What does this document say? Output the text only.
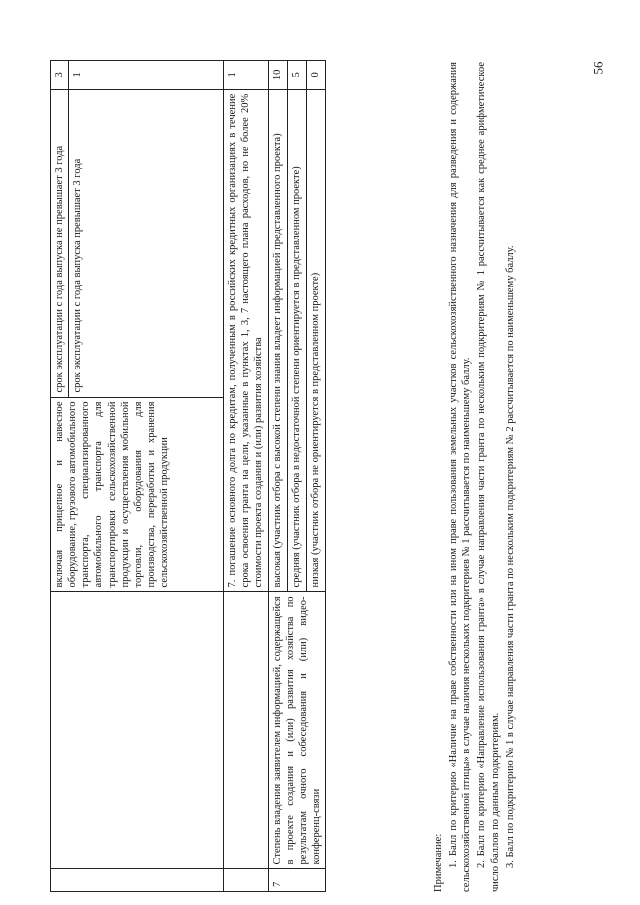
56
		включая прицепное и навесное оборудование, грузового автомобильного транспорта, специализированного автомобильного транспорта для транспортировки сельскохозяйственной продукции и осуществления мобильной торговли, оборудования для производства, переработки и хранения сельскохозяйственной продукции	срок эксплуатации с года выпуска не превышает 3 года	3
			срок эксплуатации с года выпуска превышает 3 года	1
		7. погашение основного долга по кредитам, полученным в российских кредитных организациях в течение срока освоения гранта на цели, указанные в пунктах 1, 3, 7 настоящего плана расходов, но не более 20% стоимости проекта создания и (или) развития хозяйства		1
7	Степень владения заявителем информацией, содержащейся в проекте создания и (или) развития хозяйства по результатам очного собеседования и (или) видео-конференц-связи	высокая (участник отбора с высокой степени знания владеет информацией представленного проекта)		10
		средняя (участник отбора в недостаточной степени ориентируется в представленном проекте)		5
		низкая (участник отбора не ориентируется в представленном проекте)		0

Примечание: 1. Балл по критерию «Наличие на праве собственности или на ином праве пользования земельных участков сельскохозяйственного назначения для разведения и содержания сельскохозяйственной птицы» в случае наличия нескольких подкритериев № 1 рассчитывается по наименьшему баллу. 2. Балл по критерию «Направление использования гранта» в случае направления части гранта по нескольким подкритериям № 1 рассчитывается как среднее арифметическое число баллов по данным подкритериям. 3. Балл по подкритерию № 1 в случае направления части гранта по нескольким подкритериям № 2 рассчитывается по наименьшему баллу.
